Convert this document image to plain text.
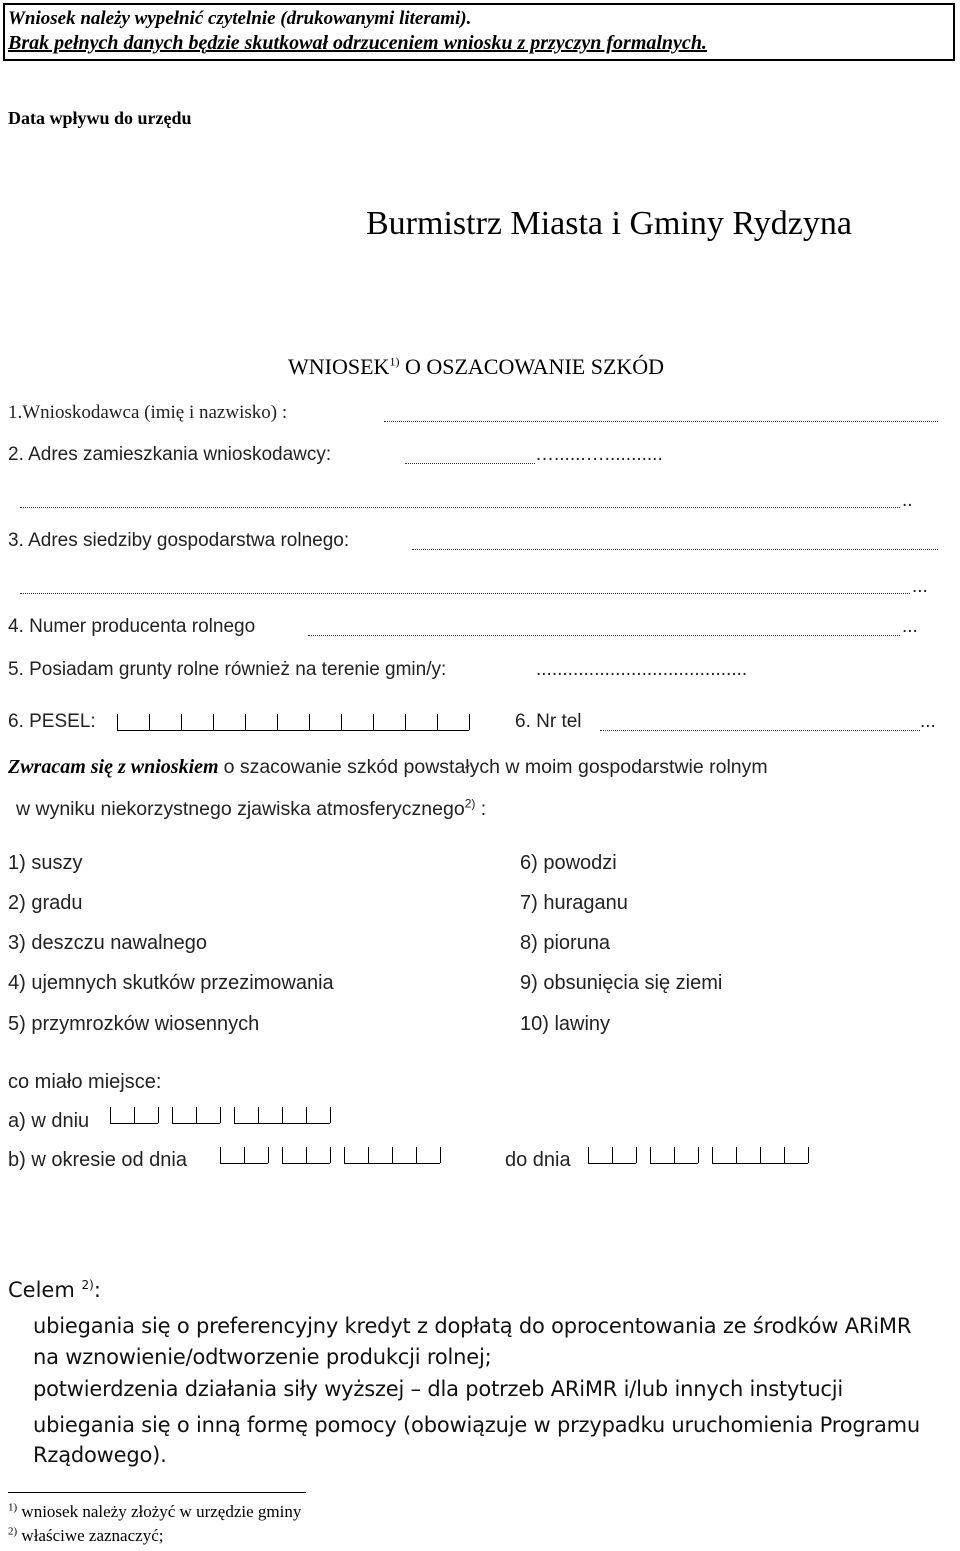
Wniosek należy wypełnić czytelnie (drukowanymi literami).
Brak pełnych danych będzie skutkował odrzuceniem wniosku z przyczyn formalnych.
Data wpływu do urzędu
Burmistrz Miasta i Gminy Rydzyna
WNIOSEK$^{1)}$ O OSZACOWANIE SZKÓD
1.Wnioskodawca (imię i nazwisko) :
2. Adres zamieszkania wnioskodawcy:	…......…...........
..
3. Adres siedziby gospodarstwa rolnego:
...
4. Numer producenta rolnego	...
5. Posiadam grunty rolne również na terenie gmin/y:	........................................
6. PESEL:	6. Nr tel	...
Zwracam się z wnioskiem o szacowanie szkód powstałych w moim gospodarstwie rolnym
w wyniku niekorzystnego zjawiska atmosferycznego$^{2)}$ :
1) suszy
2) gradu
3) deszczu nawalnego
4) ujemnych skutków przezimowania
5) przymrozków wiosennych
6) powodzi
7) huraganu
8) pioruna
9) obsunięcia się ziemi
10) lawiny
co miało miejsce:
a) w dniu
b) w okresie od dnia	do dnia
Celem $^{2)}$:
ubiegania się o preferencyjny kredyt z dopłatą do oprocentowania ze środków ARiMR
na wznowienie/odtworzenie produkcji rolnej;
potwierdzenia działania siły wyższej – dla potrzeb ARiMR i/lub innych instytucji
ubiegania się o inną formę pomocy (obowiązuje w przypadku uruchomienia Programu
Rządowego).
$^{1)}$ wniosek należy złożyć w urzędzie gminy
$^{2)}$ właściwe zaznaczyć;
